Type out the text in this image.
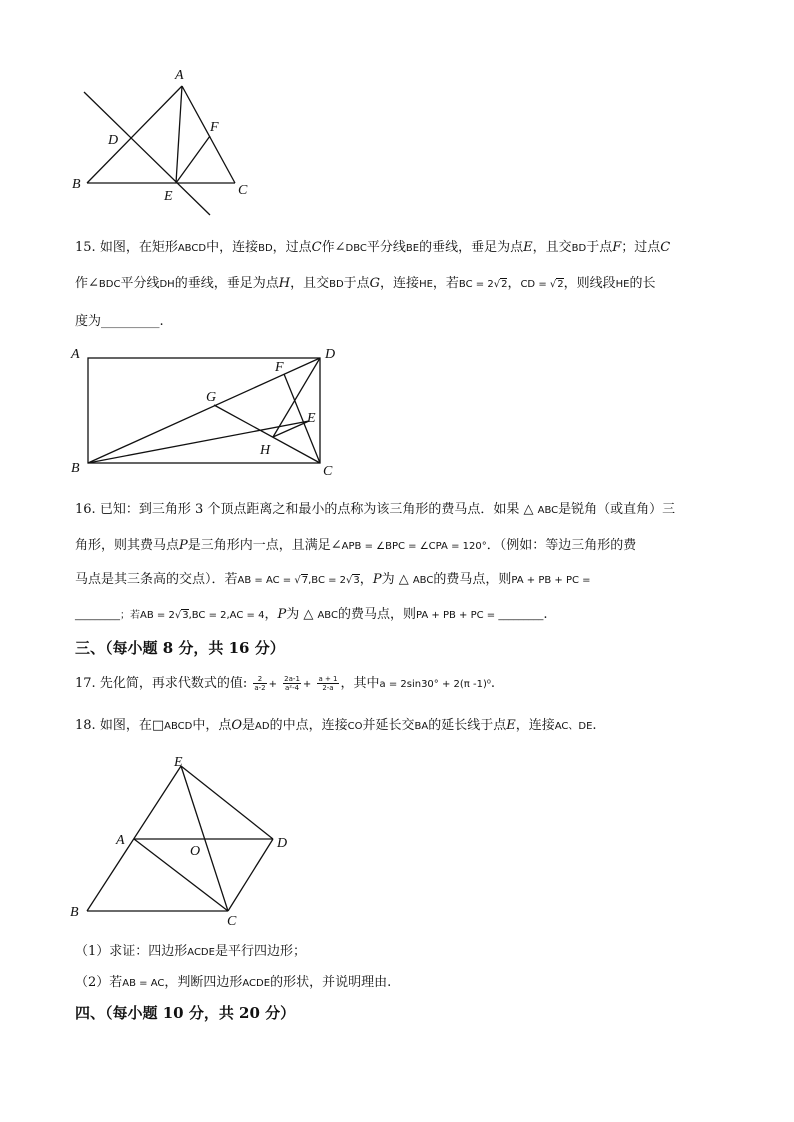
A
D
F
B
E	C
15. 如图，在矩形ABCD中，连接BD，过点C作∠DBC平分线BE的垂线，垂足为点E，且交BD于点F；过点C
作∠BDC平分线DH的垂线，垂足为点H，且交BD于点G，连接HE，若BC = 2√2，CD = √2，则线段HE的长
度为_________.
A	D
F
G
E
H
B	C
16. 已知：到三角形 3 个顶点距离之和最小的点称为该三角形的费马点．如果 △ ABC是锐角（或直角）三
角形，则其费马点P是三角形内一点，且满足∠APB = ∠BPC = ∠CPA = 120°．（例如：等边三角形的费
马点是其三条高的交点）．若AB = AC = √7,BC = 2√3，P为 △ ABC的费马点，则PA + PB + PC =
_________；若AB = 2√3,BC = 2,AC = 4，P为 △ ABC的费马点，则PA + PB + PC = _________.
三、（每小题 8 分，共 16 分）
17. 先化简，再求代数式的值: $\frac{2}{a-2} + \frac{2a-1}{\text{a²-4}} + \frac{a + 1}{2-a}$ ，其中a = 2sin30° + 2(π -1)⁰.
18. 如图，在□ABCD中，点O是AD的中点，连接CO并延长交BA的延长线于点E，连接AC、DE.
E
A
O
D
B
C
（1）求证：四边形ACDE是平行四边形；
（2）若AB = AC，判断四边形ACDE的形状，并说明理由.
四、（每小题 10 分，共 20 分）
